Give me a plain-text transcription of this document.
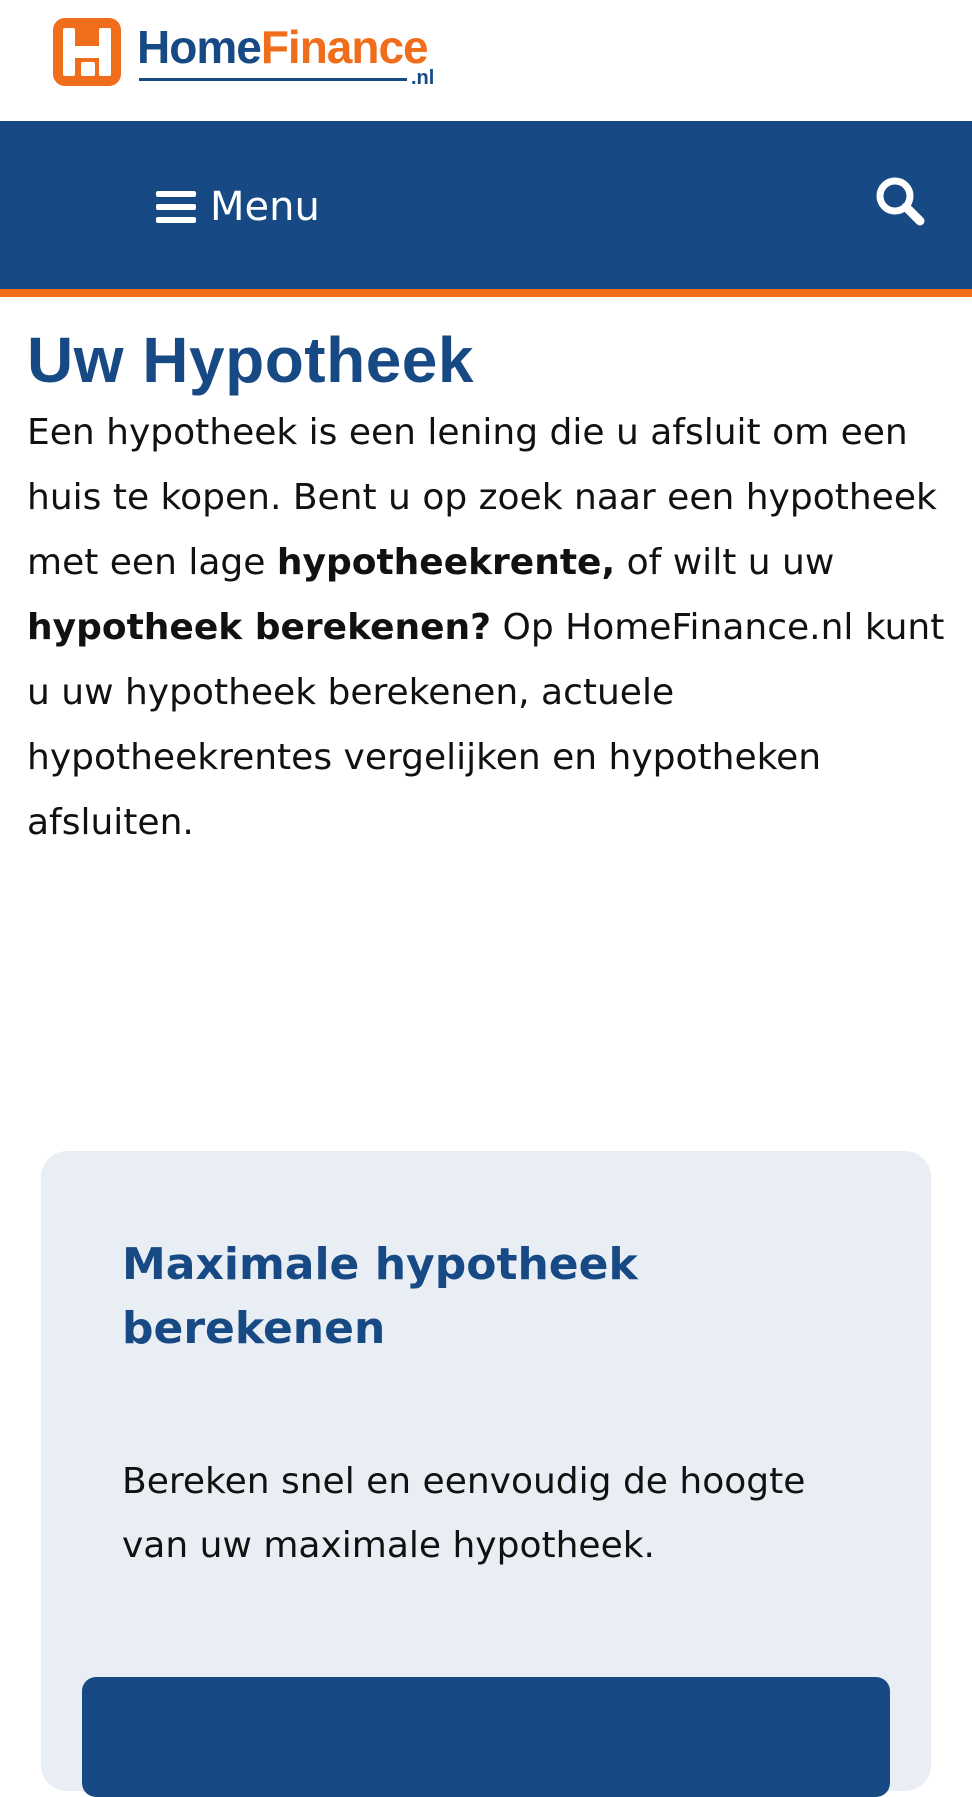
HomeFinance
.nl
Menu
Uw Hypotheek

Een hypotheek is een lening die u afsluit om een huis te kopen. Bent u op zoek naar een hypotheek met een lage hypotheekrente, of wilt u uw hypotheek berekenen? Op HomeFinance.nl kunt u uw hypotheek berekenen, actuele hypotheekrentes vergelijken en hypotheken afsluiten.

Maximale hypotheek berekenen

Bereken snel en eenvoudig de hoogte van uw maximale hypotheek.
